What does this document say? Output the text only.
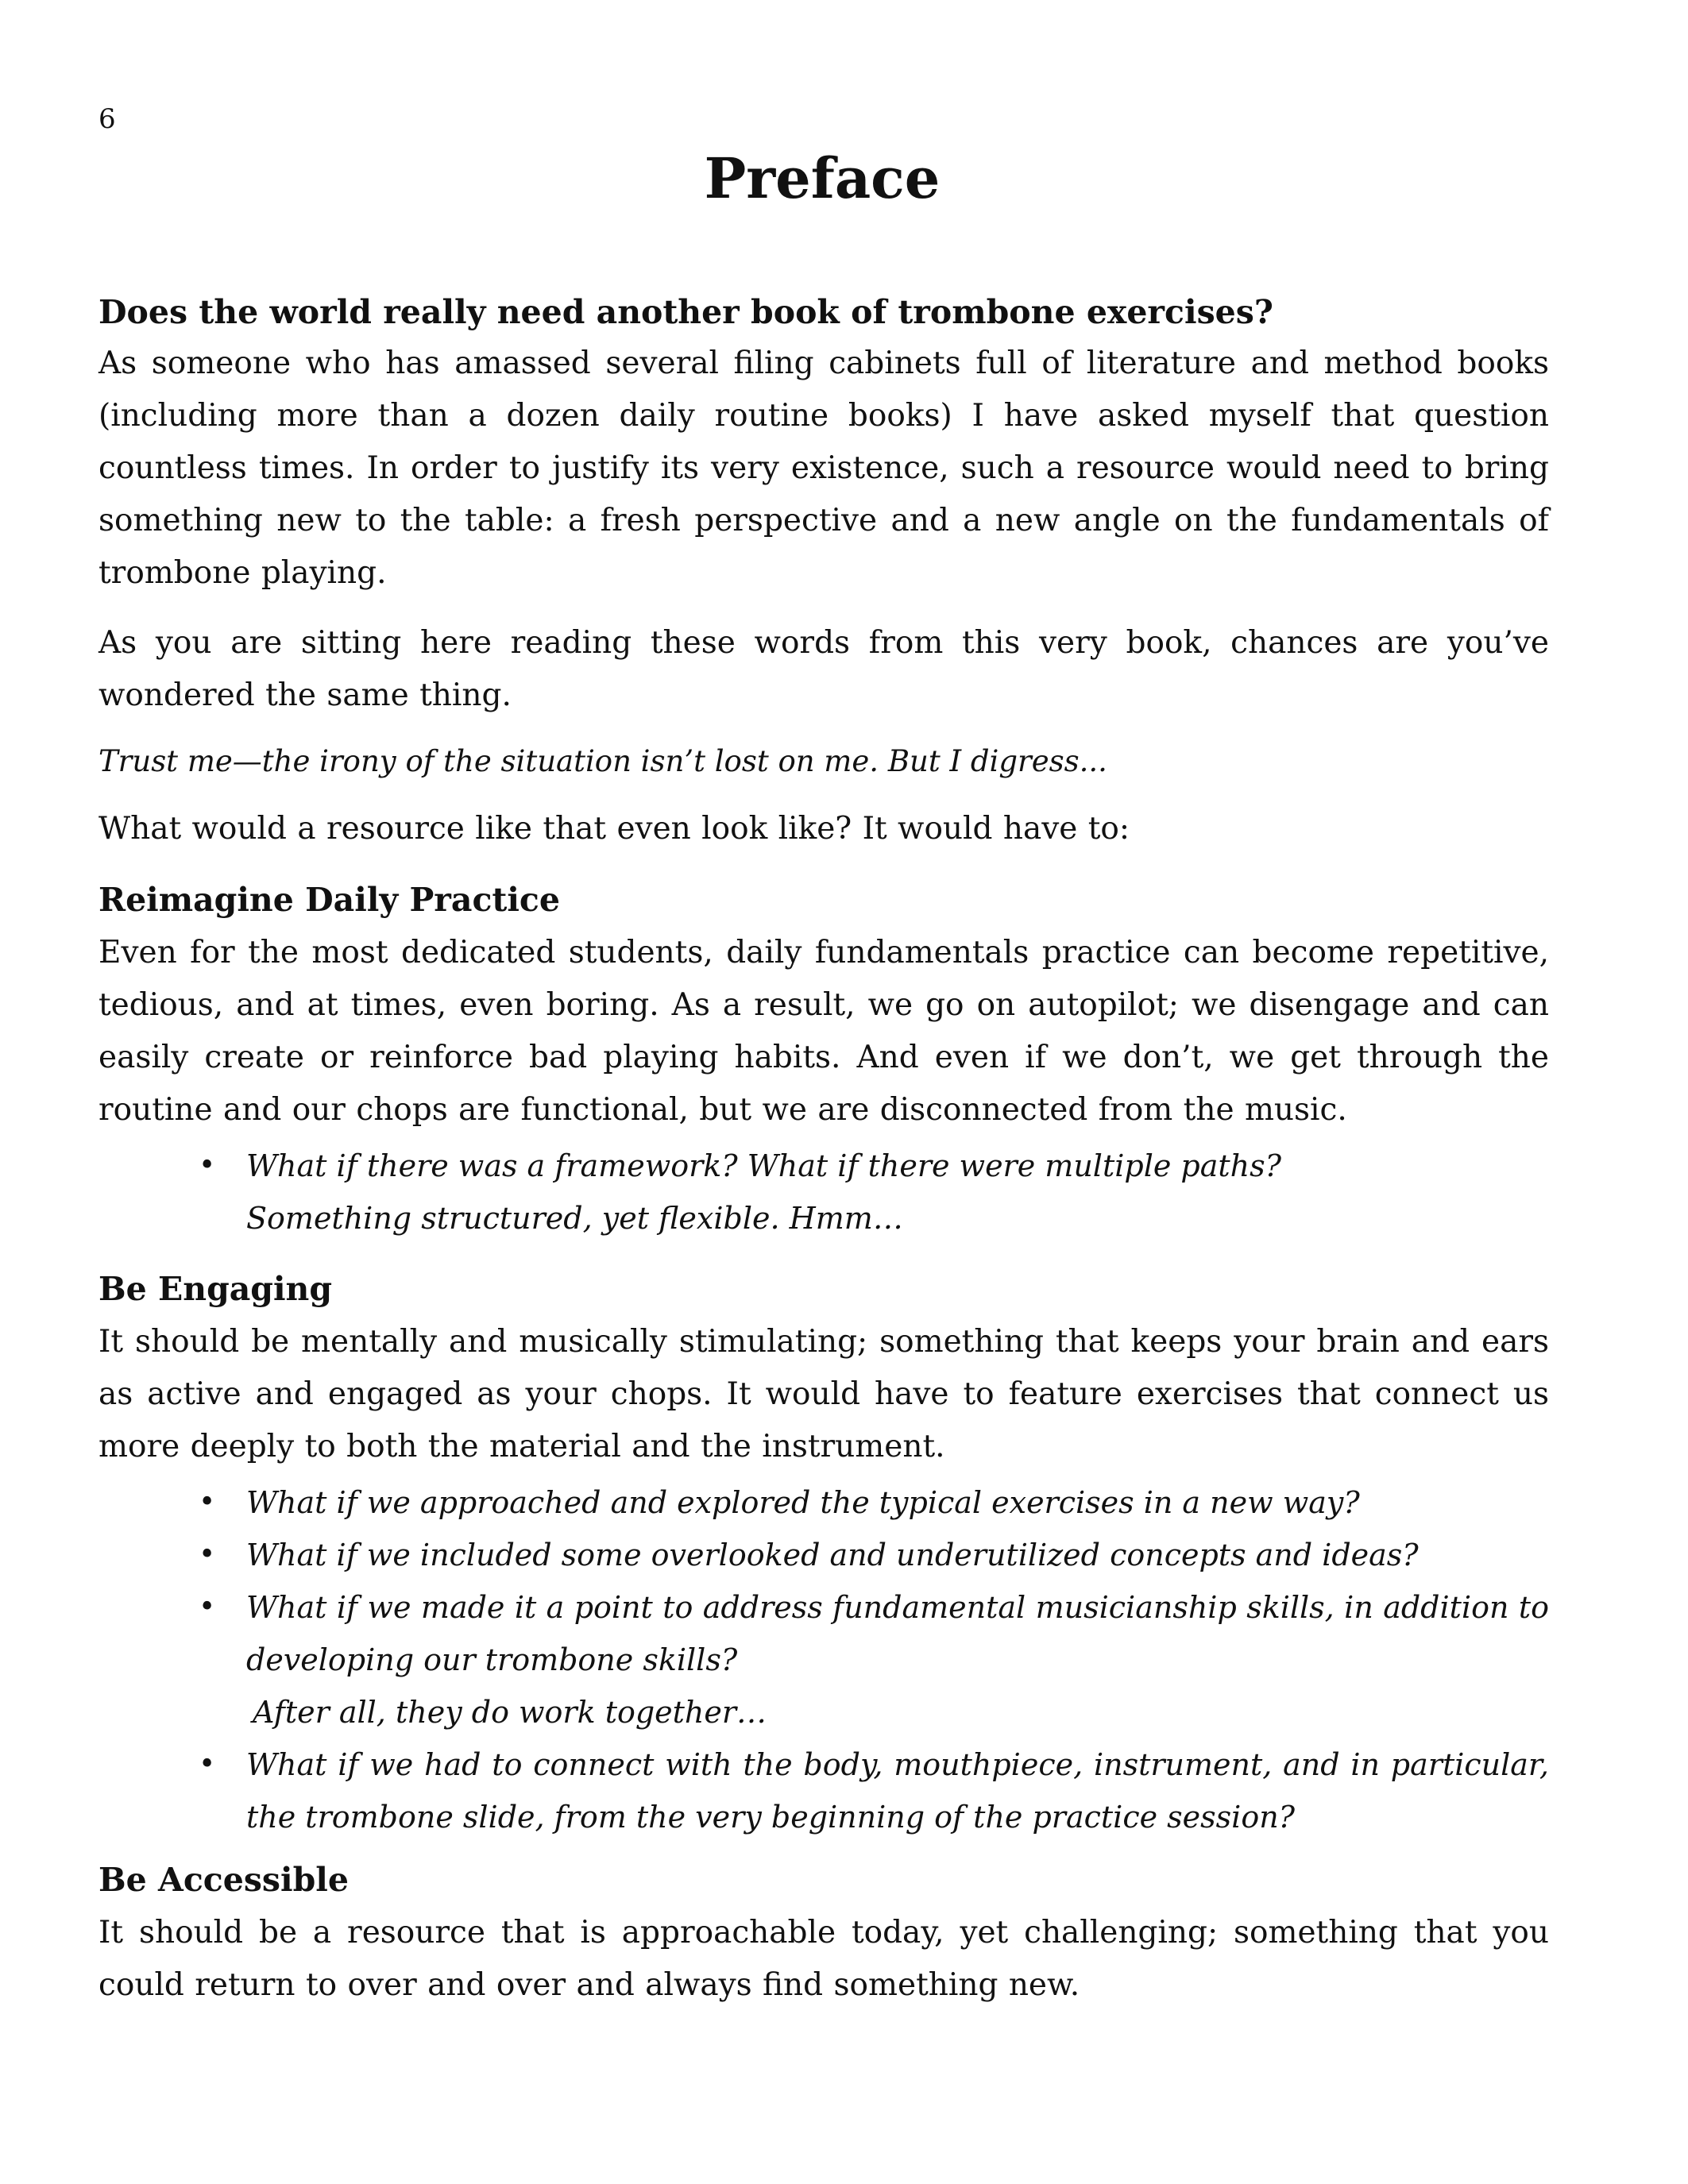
6
Preface
Does the world really need another book of trombone exercises?

As someone who has amassed several filing cabinets full of literature and method books (including more than a dozen daily routine books) I have asked myself that question countless times. In order to justify its very existence, such a resource would need to bring something new to the table: a fresh perspective and a new angle on the fundamentals of trombone playing.

As you are sitting here reading these words from this very book, chances are you’ve wondered the same thing.

Trust me—the irony of the situation isn’t lost on me. But I digress...

What would a resource like that even look like? It would have to:

Reimagine Daily Practice

Even for the most dedicated students, daily fundamentals practice can become repetitive, tedious, and at times, even boring. As a result, we go on autopilot; we disengage and can easily create or reinforce bad playing habits. And even if we don’t, we get through the routine and our chops are functional, but we are disconnected from the music.

• What if there was a framework? What if there were multiple paths?
Something structured, yet flexible. Hmm…
Be Engaging

It should be mentally and musically stimulating; something that keeps your brain and ears as active and engaged as your chops. It would have to feature exercises that connect us more deeply to both the material and the instrument.

• What if we approached and explored the typical exercises in a new way?
• What if we included some overlooked and underutilized concepts and ideas?
• What if we made it a point to address fundamental musicianship skills, in addition to developing our trombone skills?
After all, they do work together…
• What if we had to connect with the body, mouthpiece, instrument, and in particular, the trombone slide, from the very beginning of the practice session?
Be Accessible

It should be a resource that is approachable today, yet challenging; something that you could return to over and over and always find something new.
